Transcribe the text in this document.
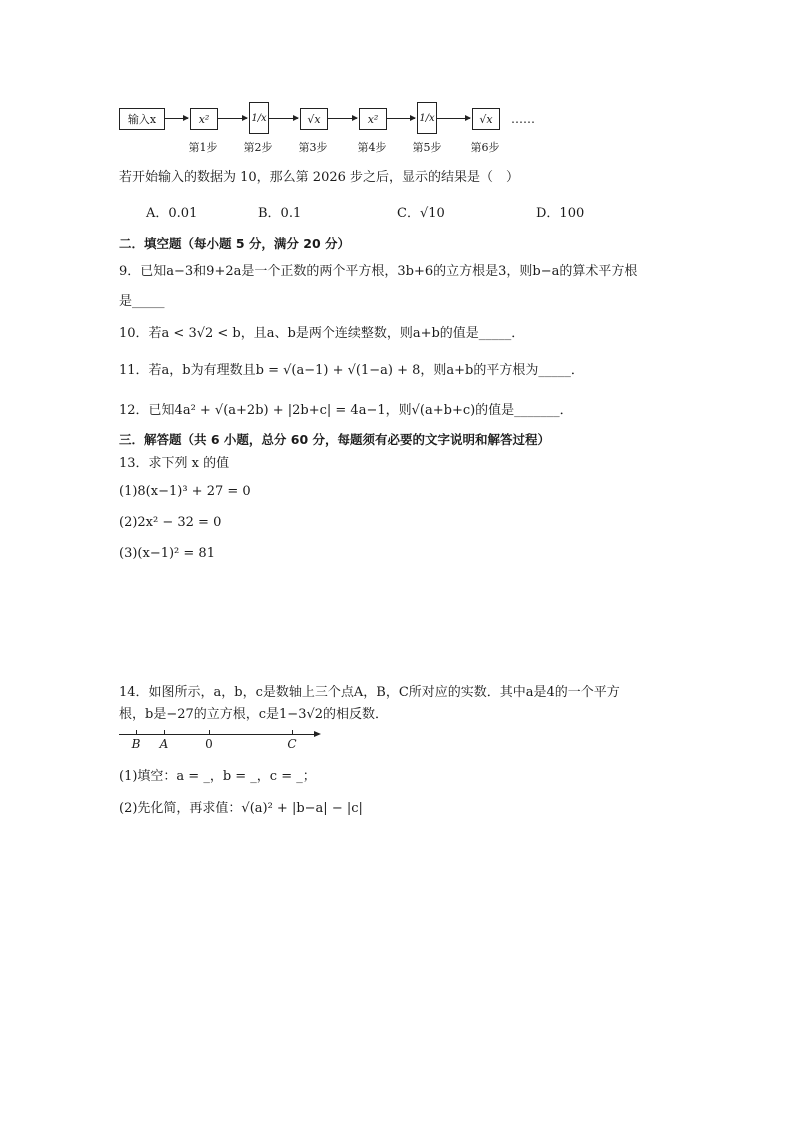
输入x	x²	1/x	√x	x²	1/x	√x ……
第1步	第2步	第3步	第4步	第5步	第6步
若开始输入的数据为 10，那么第 2026 步之后，显示的结果是（　）
A．0.01	B．0.1	C．√10	D．100
二．填空题（每小题 5 分，满分 20 分）
9．已知a−3和9+2a是一个正数的两个平方根，3b+6的立方根是3，则b−a的算术平方根
是_____
10．若a < 3√2 < b，且a、b是两个连续整数，则a+b的值是_____．
11．若a，b为有理数且b = √(a−1) + √(1−a) + 8，则a+b的平方根为_____．
12．已知4a² + √(a+2b) + |2b+c| = 4a−1，则√(a+b+c)的值是_______．
三．解答题（共 6 小题，总分 60 分，每题须有必要的文字说明和解答过程）
13．求下列 x 的值
(1)8(x−1)³ + 27 = 0
(2)2x² − 32 = 0
(3)(x−1)² = 81
14．如图所示，a，b，c是数轴上三个点A，B，C所对应的实数．其中a是4的一个平方
根，b是−27的立方根，c是1−3√2的相反数．
B A	0	C
(1)填空：a = _，b = _，c = _；
(2)先化简，再求值：√(a)² + |b−a| − |c|
